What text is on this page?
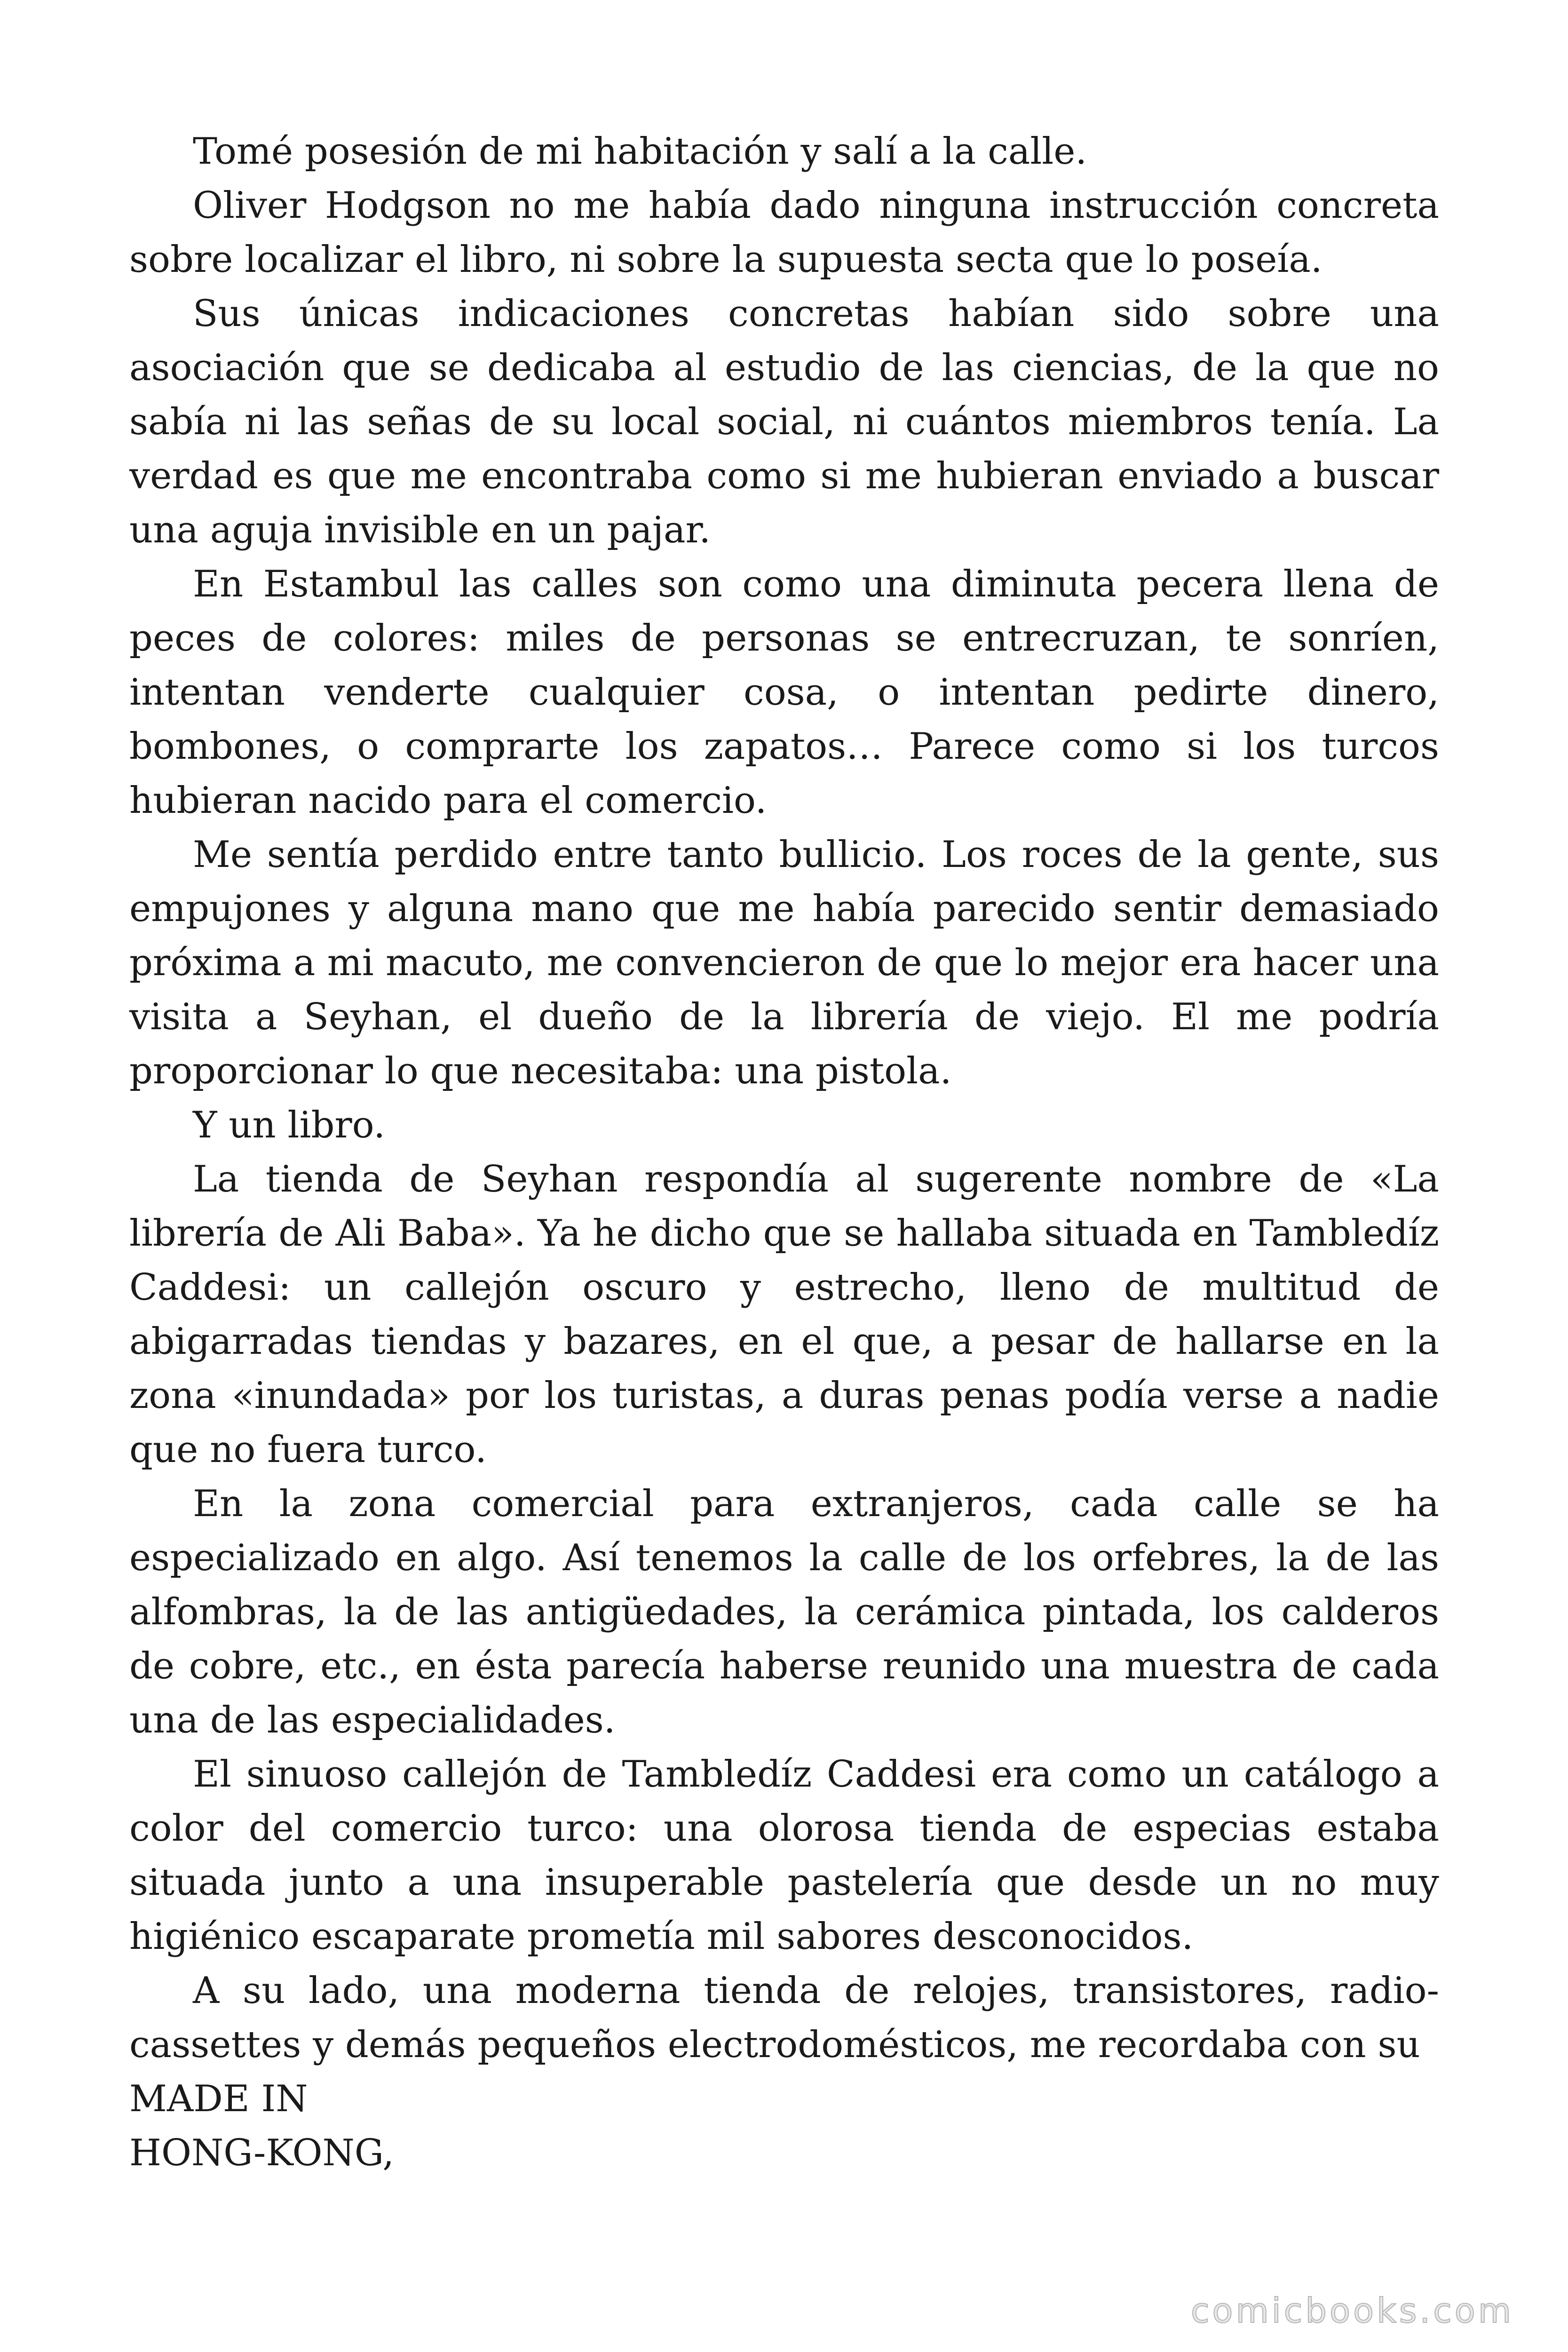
Tomé posesión de mi habitación y salí a la calle.

Oliver Hodgson no me había dado ninguna instrucción concreta sobre localizar el libro, ni sobre la supuesta secta que lo poseía.

Sus únicas indicaciones concretas habían sido sobre una asociación que se dedicaba al estudio de las ciencias, de la que no sabía ni las señas de su local social, ni cuántos miembros tenía. La verdad es que me encontraba como si me hubieran enviado a buscar una aguja invisible en un pajar.

En Estambul las calles son como una diminuta pecera llena de peces de colores: miles de personas se entrecruzan, te sonríen, intentan venderte cualquier cosa, o intentan pedirte dinero, bombones, o comprarte los zapatos… Parece como si los turcos hubieran nacido para el comercio.

Me sentía perdido entre tanto bullicio. Los roces de la gente, sus empujones y alguna mano que me había parecido sentir demasiado próxima a mi macuto, me convencieron de que lo mejor era hacer una visita a Seyhan, el dueño de la librería de viejo. El me podría proporcionar lo que necesitaba: una pistola.

Y un libro.

La tienda de Seyhan respondía al sugerente nombre de «La librería de Ali Baba». Ya he dicho que se hallaba situada en Tambledíz Caddesi: un callejón oscuro y estrecho, lleno de multitud de abigarradas tiendas y bazares, en el que, a pesar de hallarse en la zona «inundada» por los turistas, a duras penas podía verse a nadie que no fuera turco.

En la zona comercial para extranjeros, cada calle se ha especializado en algo. Así tenemos la calle de los orfebres, la de las alfombras, la de las antigüedades, la cerámica pintada, los calderos de cobre, etc., en ésta parecía haberse reunido una muestra de cada una de las especialidades.

El sinuoso callejón de Tambledíz Caddesi era como un catálogo a color del comercio turco: una olorosa tienda de especias estaba situada junto a una insuperable pastelería que desde un no muy higiénico escaparate prometía mil sabores desconocidos.

A su lado, una moderna tienda de relojes, transistores, radio-cassettes y demás pequeños electrodomésticos, me recordaba con su

MADE IN

HONG-KONG,

comicbooks.com
